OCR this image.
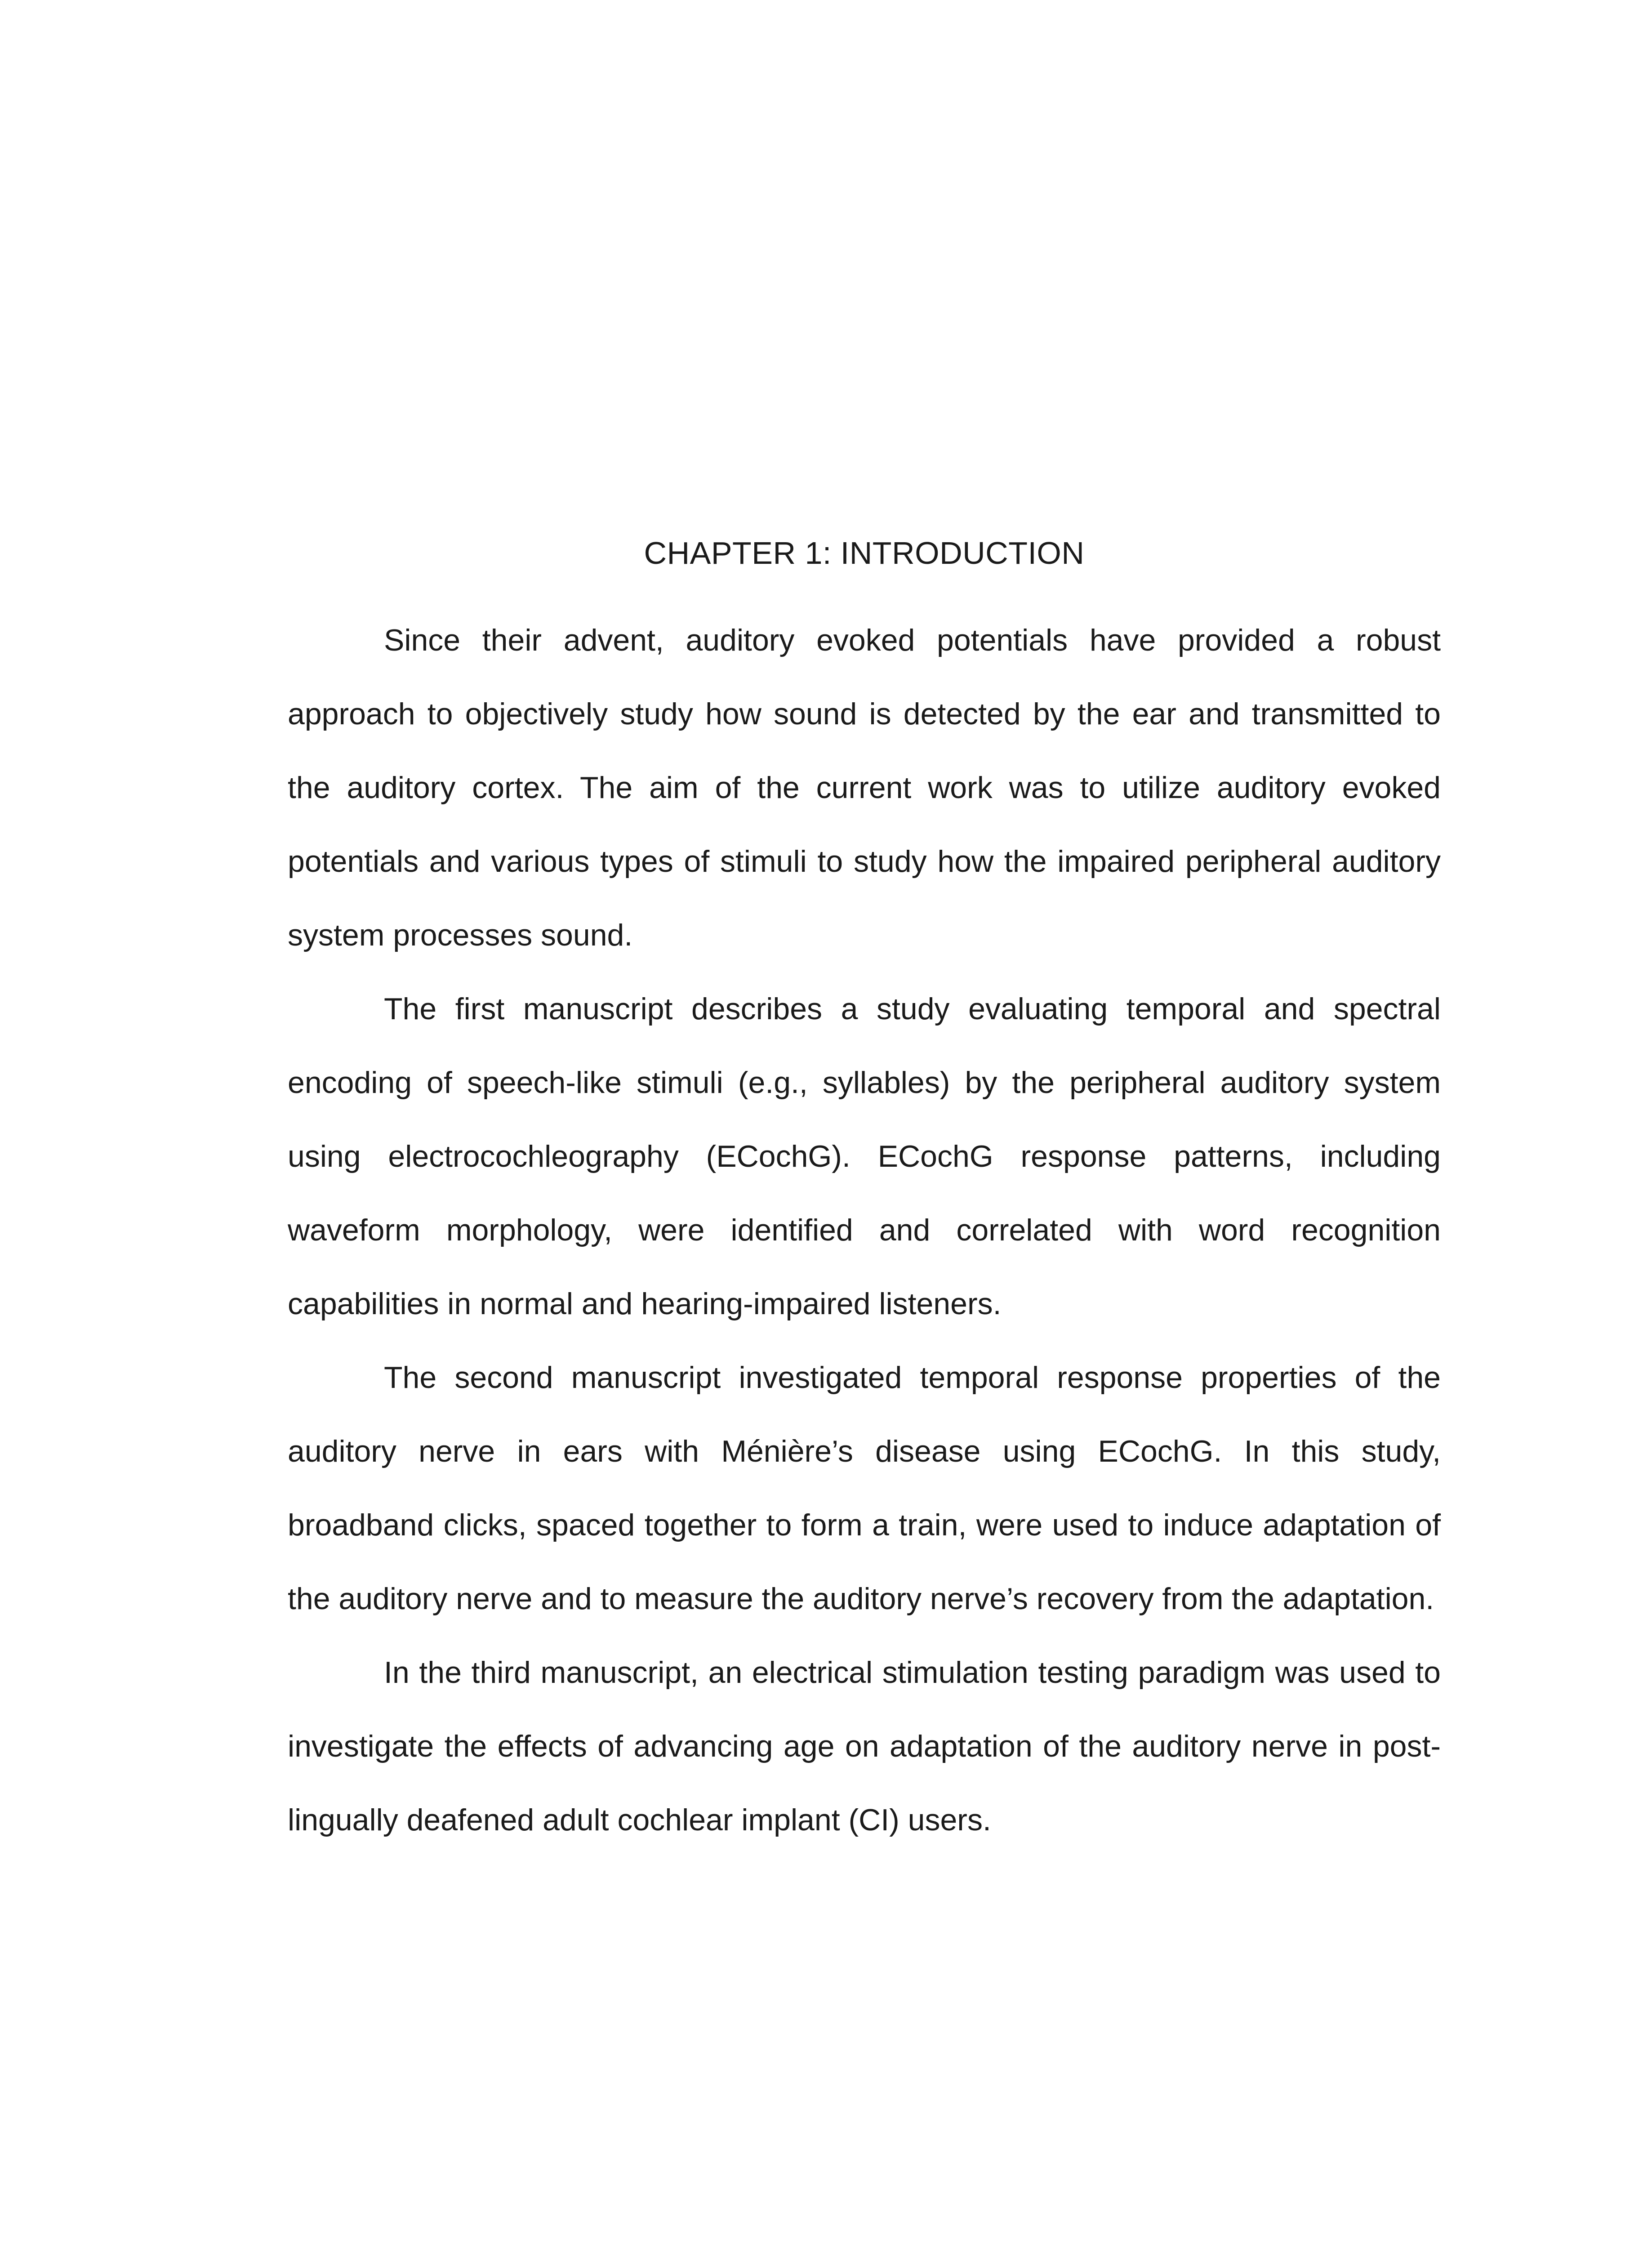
CHAPTER 1: INTRODUCTION

Since their advent, auditory evoked potentials have provided a robust approach to objectively study how sound is detected by the ear and transmitted to the auditory cortex. The aim of the current work was to utilize auditory evoked potentials and various types of stimuli to study how the impaired peripheral auditory system processes sound.

The first manuscript describes a study evaluating temporal and spectral encoding of speech-like stimuli (e.g., syllables) by the peripheral auditory system using electrocochleography (ECochG). ECochG response patterns, including waveform morphology, were identified and correlated with word recognition capabilities in normal and hearing-impaired listeners.

The second manuscript investigated temporal response properties of the auditory nerve in ears with Ménière’s disease using ECochG. In this study, broadband clicks, spaced together to form a train, were used to induce adaptation of the auditory nerve and to measure the auditory nerve’s recovery from the adaptation.

In the third manuscript, an electrical stimulation testing paradigm was used to investigate the effects of advancing age on adaptation of the auditory nerve in post-lingually deafened adult cochlear implant (CI) users.
